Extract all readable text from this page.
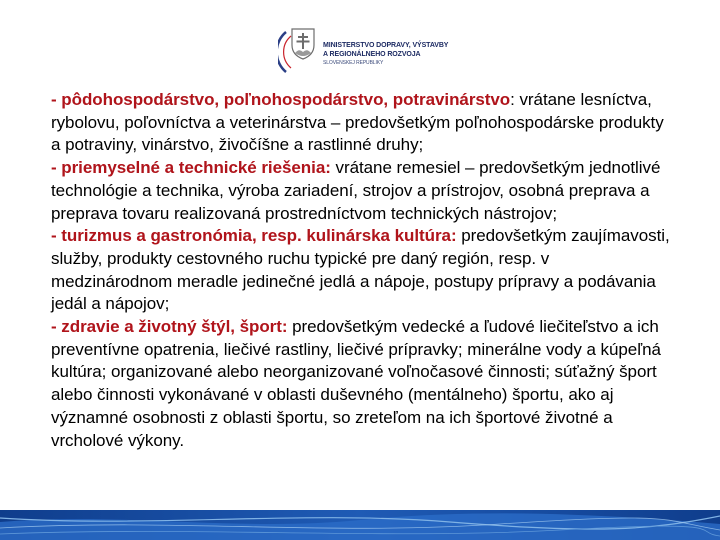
MINISTERSTVO DOPRAVY, VÝSTAVBY
A REGIONÁLNEHO ROZVOJA
SLOVENSKEJ REPUBLIKY

- pôdohospodárstvo, poľnohospodárstvo, potravinárstvo: vrátane lesníctva, rybolovu, poľovníctva a veterinárstva – predovšetkým poľnohospodárske produkty a potraviny, vinárstvo, živočíšne a rastlinné druhy;

- priemyselné a technické riešenia: vrátane remesiel – predovšetkým jednotlivé technológie a technika, výroba zariadení, strojov a prístrojov, osobná preprava a preprava tovaru realizovaná prostredníctvom technických nástrojov;

- turizmus a gastronómia, resp. kulinárska kultúra: predovšetkým zaujímavosti, služby, produkty cestovného ruchu typické pre daný región, resp. v medzinárodnom meradle jedinečné jedlá a nápoje, postupy prípravy a podávania jedál a nápojov;

- zdravie a životný štýl, šport: predovšetkým vedecké a ľudové liečiteľstvo a ich preventívne opatrenia, liečivé rastliny, liečivé prípravky; minerálne vody a kúpeľná kultúra; organizované alebo neorganizované voľnočasové činnosti; súťažný šport alebo činnosti vykonávané v oblasti duševného (mentálneho) športu, ako aj významné osobnosti z oblasti športu, so zreteľom na ich športové životné a vrcholové výkony.
